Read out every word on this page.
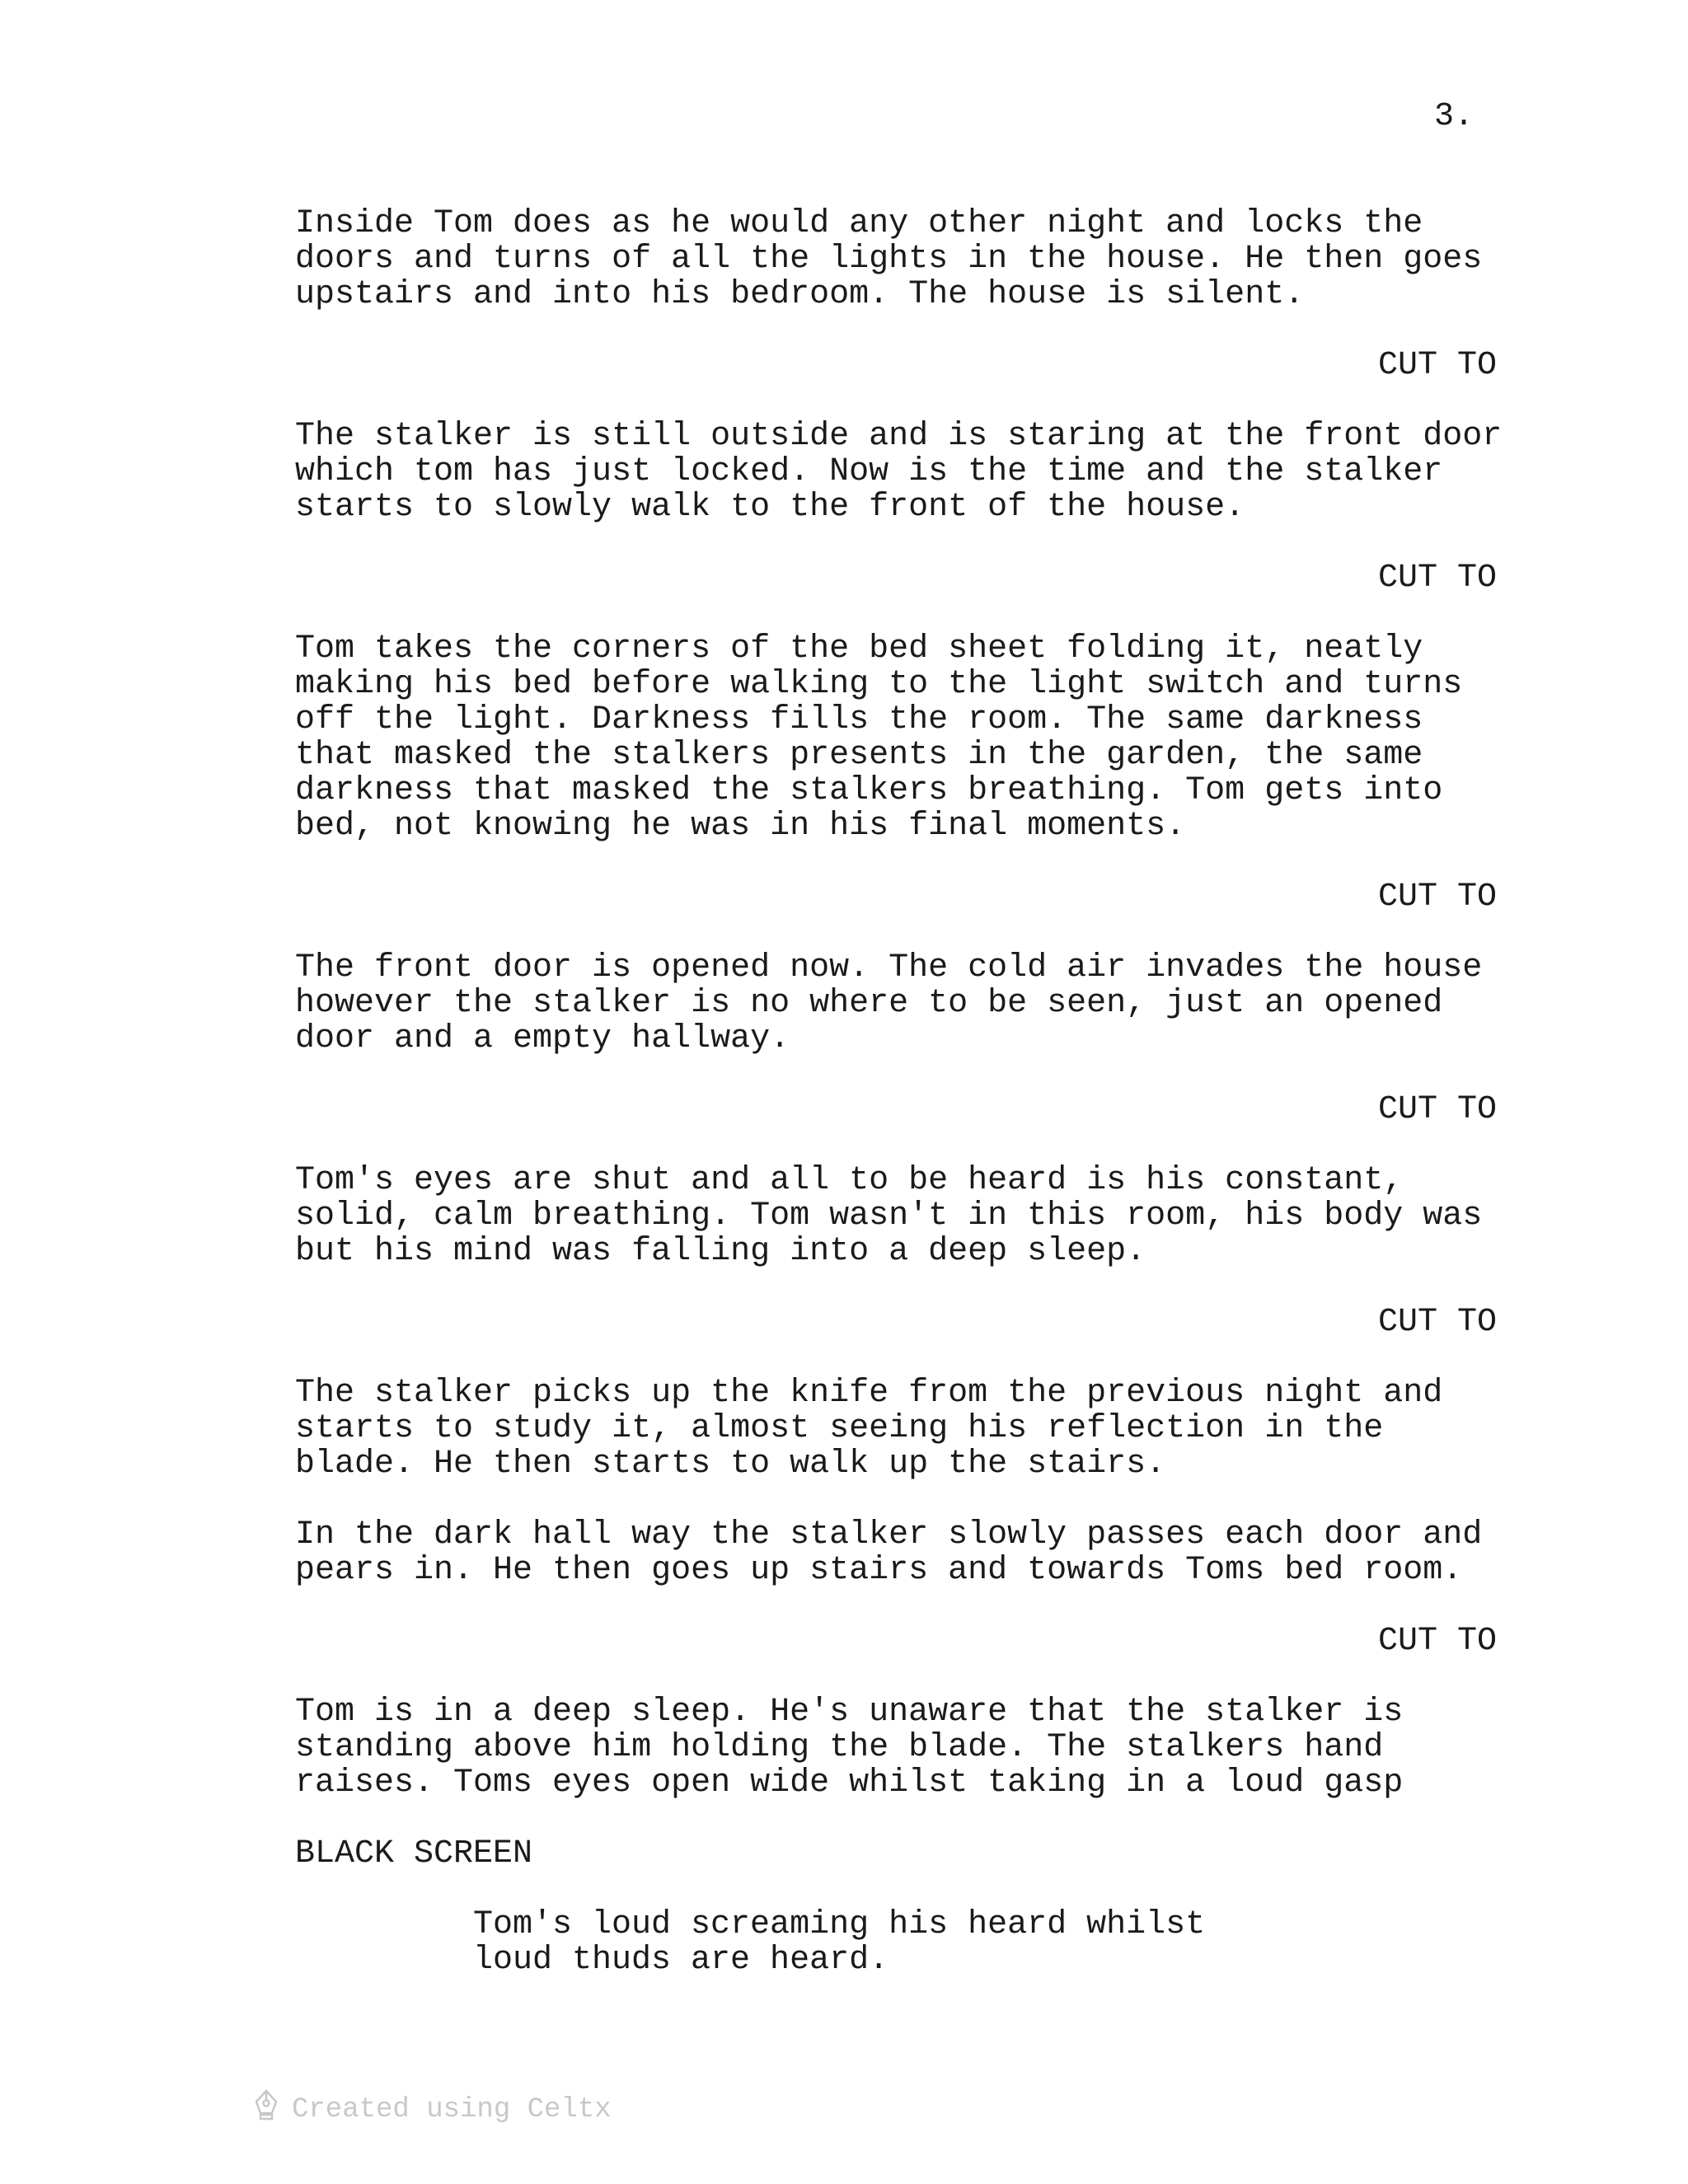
3.
Inside Tom does as he would any other night and locks the
doors and turns of all the lights in the house. He then goes
upstairs and into his bedroom. The house is silent.
CUT TO
The stalker is still outside and is staring at the front door
which tom has just locked. Now is the time and the stalker
starts to slowly walk to the front of the house.
CUT TO
Tom takes the corners of the bed sheet folding it, neatly
making his bed before walking to the light switch and turns
off the light. Darkness fills the room. The same darkness
that masked the stalkers presents in the garden, the same
darkness that masked the stalkers breathing. Tom gets into
bed, not knowing he was in his final moments.
CUT TO
The front door is opened now. The cold air invades the house
however the stalker is no where to be seen, just an opened
door and a empty hallway.
CUT TO
Tom's eyes are shut and all to be heard is his constant,
solid, calm breathing. Tom wasn't in this room, his body was
but his mind was falling into a deep sleep.
CUT TO
The stalker picks up the knife from the previous night and
starts to study it, almost seeing his reflection in the
blade. He then starts to walk up the stairs.
In the dark hall way the stalker slowly passes each door and
pears in. He then goes up stairs and towards Toms bed room.
CUT TO
Tom is in a deep sleep. He's unaware that the stalker is
standing above him holding the blade. The stalkers hand
raises. Toms eyes open wide whilst taking in a loud gasp
BLACK SCREEN
Tom's loud screaming his heard whilst
loud thuds are heard.
Created using Celtx
